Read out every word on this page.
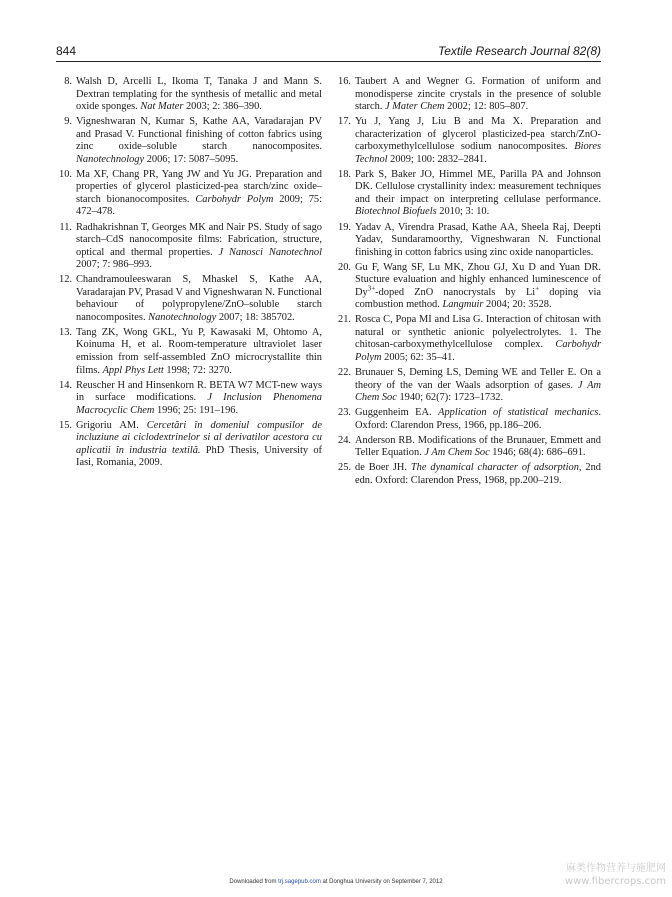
844	Textile Research Journal 82(8)
8. Walsh D, Arcelli L, Ikoma T, Tanaka J and Mann S. Dextran templating for the synthesis of metallic and metal oxide sponges. Nat Mater 2003; 2: 386–390.
9. Vigneshwaran N, Kumar S, Kathe AA, Varadarajan PV and Prasad V. Functional finishing of cotton fabrics using zinc oxide–soluble starch nanocomposites. Nanotechnology 2006; 17: 5087–5095.
10. Ma XF, Chang PR, Yang JW and Yu JG. Preparation and properties of glycerol plasticized-pea starch/zinc oxide–starch bionanocomposites. Carbohydr Polym 2009; 75: 472–478.
11. Radhakrishnan T, Georges MK and Nair PS. Study of sago starch–CdS nanocomposite films: Fabrication, structure, optical and thermal properties. J Nanosci Nanotechnol 2007; 7: 986–993.
12. Chandramouleeswaran S, Mhaskel S, Kathe AA, Varadarajan PV, Prasad V and Vigneshwaran N. Functional behaviour of polypropylene/ZnO–soluble starch nanocomposites. Nanotechnology 2007; 18: 385702.
13. Tang ZK, Wong GKL, Yu P, Kawasaki M, Ohtomo A, Koinuma H, et al. Room-temperature ultraviolet laser emission from self-assembled ZnO microcrystallite thin films. Appl Phys Lett 1998; 72: 3270.
14. Reuscher H and Hinsenkorn R. BETA W7 MCT-new ways in surface modifications. J Inclusion Phenomena Macrocyclic Chem 1996; 25: 191–196.
15. Grigoriu AM. Cercetări în domeniul compusilor de incluziune ai ciclodextrinelor si al derivatilor acestora cu aplicatii în industria textilă. PhD Thesis, University of Iasi, Romania, 2009.
16. Taubert A and Wegner G. Formation of uniform and monodisperse zincite crystals in the presence of soluble starch. J Mater Chem 2002; 12: 805–807.
17. Yu J, Yang J, Liu B and Ma X. Preparation and characterization of glycerol plasticized-pea starch/ZnO-carboxymethylcellulose sodium nanocomposites. Biores Technol 2009; 100: 2832–2841.
18. Park S, Baker JO, Himmel ME, Parilla PA and Johnson DK. Cellulose crystallinity index: measurement techniques and their impact on interpreting cellulase performance. Biotechnol Biofuels 2010; 3: 10.
19. Yadav A, Virendra Prasad, Kathe AA, Sheela Raj, Deepti Yadav, Sundaramoorthy, Vigneshwaran N. Functional finishing in cotton fabrics using zinc oxide nanoparticles.
20. Gu F, Wang SF, Lu MK, Zhou GJ, Xu D and Yuan DR. Stucture evaluation and highly enhanced luminescence of $Dy^{3+}$-doped ZnO nanocrystals by Li+ doping via combustion method. Langmuir 2004; 20: 3528.
21. Rosca C, Popa MI and Lisa G. Interaction of chitosan with natural or synthetic anionic polyelectrolytes. 1. The chitosan-carboxymethylcellulose complex. Carbohydr Polym 2005; 62: 35–41.
22. Brunauer S, Deming LS, Deming WE and Teller E. On a theory of the van der Waals adsorption of gases. J Am Chem Soc 1940; 62(7): 1723–1732.
23. Guggenheim EA. Application of statistical mechanics. Oxford: Clarendon Press, 1966, pp.186–206.
24. Anderson RB. Modifications of the Brunauer, Emmett and Teller Equation. J Am Chem Soc 1946; 68(4): 686–691.
25. de Boer JH. The dynamical character of adsorption, 2nd edn. Oxford: Clarendon Press, 1968, pp.200–219.
Downloaded from trj.sagepub.com at Donghua University on September 7, 2012
麻类作物营养与施肥网
www.fibercrops.com
